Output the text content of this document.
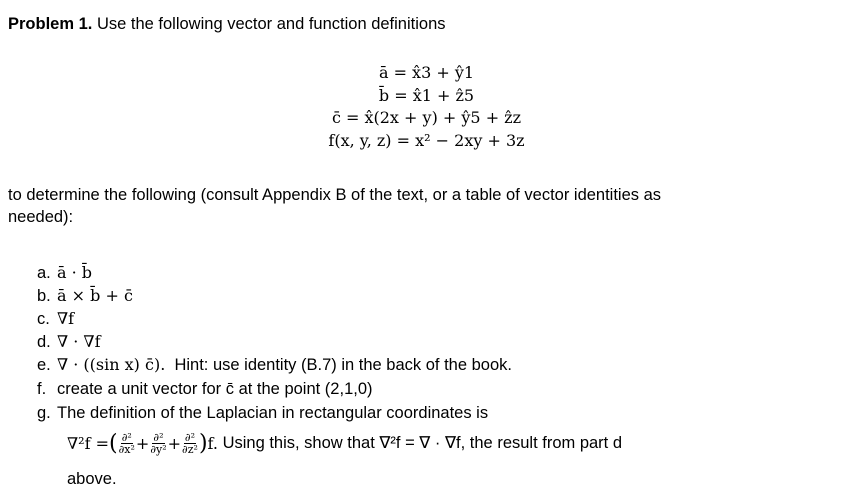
Problem 1. Use the following vector and function definitions
ā = x̂3 + ŷ1
b̄ = x̂1 + ẑ5
c̄ = x̂(2x + y) + ŷ5 + ẑz
f(x, y, z) = x² − 2xy + 3z
to determine the following (consult Appendix B of the text, or a table of vector identities as
needed):
a. ā · b̄
b. ā × b̄ + c̄
c. ∇f
d. ∇ · ∇f
e. ∇ · ((sin x) c̄). Hint: use identity (B.7) in the back of the book.
f. create a unit vector for c̄ at the point (2,1,0)
g. The definition of the Laplacian in rectangular coordinates is
∇²f = ( $\frac{\text{∂²}}{\text{∂x²}} + \frac{\text{∂²}}{\text{∂y²}} + \frac{\text{∂²}}{\text{∂z²}}$ ) f.
Using this, show that ∇²f = ∇ · ∇f, the result from part d
above.
